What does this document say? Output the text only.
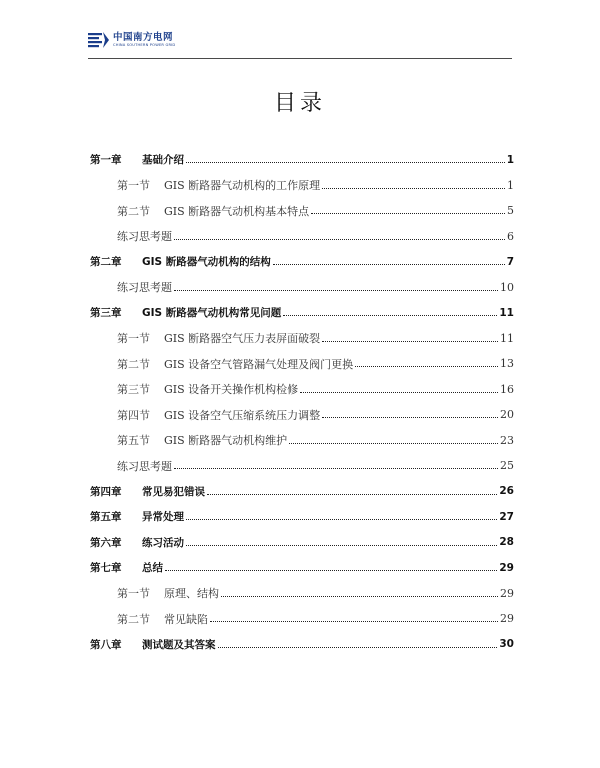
中国南方电网
CHINA SOUTHERN POWER GRID
目录
第一章	基础介绍	1
第一节	GIS 断路器气动机构的工作原理	1
第二节	GIS 断路器气动机构基本特点	5
练习思考题	6
第二章	GIS 断路器气动机构的结构	7
练习思考题	10
第三章	GIS 断路器气动机构常见问题	11
第一节	GIS 断路器空气压力表屏面破裂	11
第二节	GIS 设备空气管路漏气处理及阀门更换	13
第三节	GIS 设备开关操作机构检修	16
第四节	GIS 设备空气压缩系统压力调整	20
第五节	GIS 断路器气动机构维护	23
练习思考题	25
第四章	常见易犯错误	26
第五章	异常处理	27
第六章	练习活动	28
第七章	总结	29
第一节	原理、结构	29
第二节	常见缺陷	29
第八章	测试题及其答案	30
